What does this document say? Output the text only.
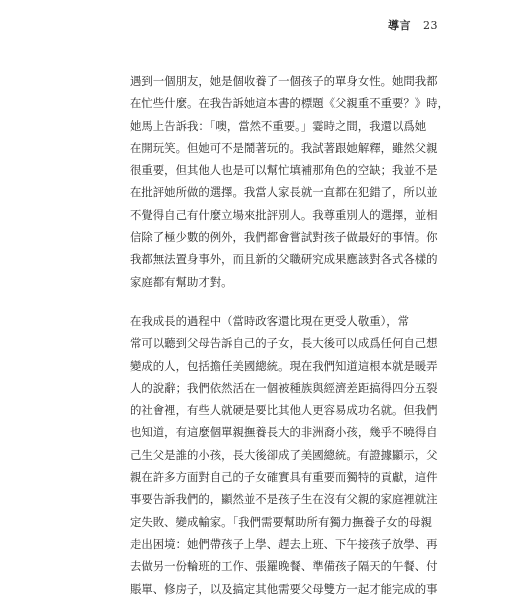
導言 23
遇到一個朋友，她是個收養了一個孩子的單身女性。她問我都
在忙些什麼。在我告訴她這本書的標題《父親重不重要？》時，
她馬上告訴我：「噢，當然不重要。」霎時之間，我還以爲她
在開玩笑。但她可不是鬧著玩的。我試著跟她解釋，雖然父親
很重要，但其他人也是可以幫忙填補那角色的空缺；我並不是
在批評她所做的選擇。我當人家長就一直都在犯錯了，所以並
不覺得自己有什麼立場來批評別人。我尊重別人的選擇，並相
信除了極少數的例外，我們都會嘗試對孩子做最好的事情。你
我都無法置身事外，而且新的父職研究成果應該對各式各樣的
家庭都有幫助才對。
在我成長的過程中（當時政客還比現在更受人敬重），常
常可以聽到父母告訴自己的子女，長大後可以成爲任何自己想
變成的人，包括擔任美國總統。現在我們知道這根本就是暖弄
人的說辭；我們依然活在一個被種族與經濟差距搞得四分五裂
的社會裡，有些人就硬是要比其他人更容易成功名就。但我們
也知道，有這麼個單親撫養長大的非洲裔小孩，幾乎不曉得自
己生父是誰的小孩，長大後卻成了美國總統。有證據顯示，父
親在許多方面對自己的子女確實具有重要而獨特的貢獻，這件
事要告訴我們的，顯然並不是孩子生在沒有父親的家庭裡就注
定失敗、變成輸家。「我們需要幫助所有獨力撫養子女的母親
走出困境：她們帶孩子上學、趕去上班、下午接孩子放學、再
去做另一份輪班的工作、張羅晚餐、準備孩子隔天的午餐、付
賬單、修房子，以及搞定其他需要父母雙方一起才能完成的事
